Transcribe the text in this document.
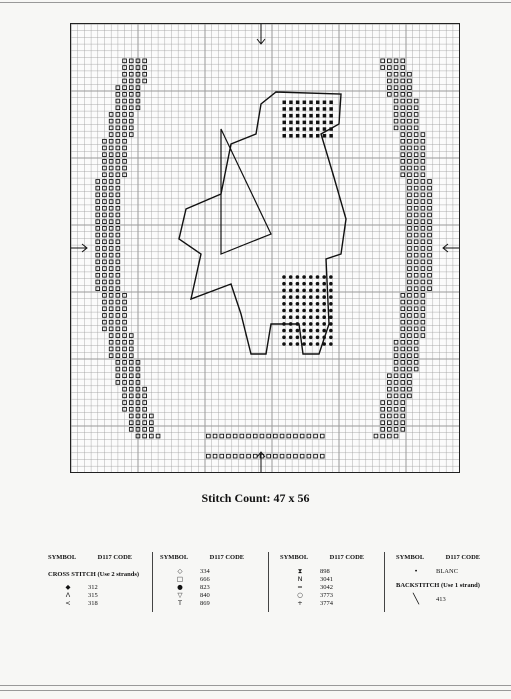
Stitch Count: 47 x 56
SYMBOL	D117 CODE
CROSS STITCH (Use 2 strands)
◆	312
Λ	315
<	318
SYMBOL	D117 CODE
◇	334
□	666
●	823
▽	840
T	869
SYMBOL	D117 CODE
⧗	898
N	3041
=	3042
○	3773
+	3774
SYMBOL	D117 CODE
•	BLANC
BACKSTITCH (Use 1 strand)
╲	413
